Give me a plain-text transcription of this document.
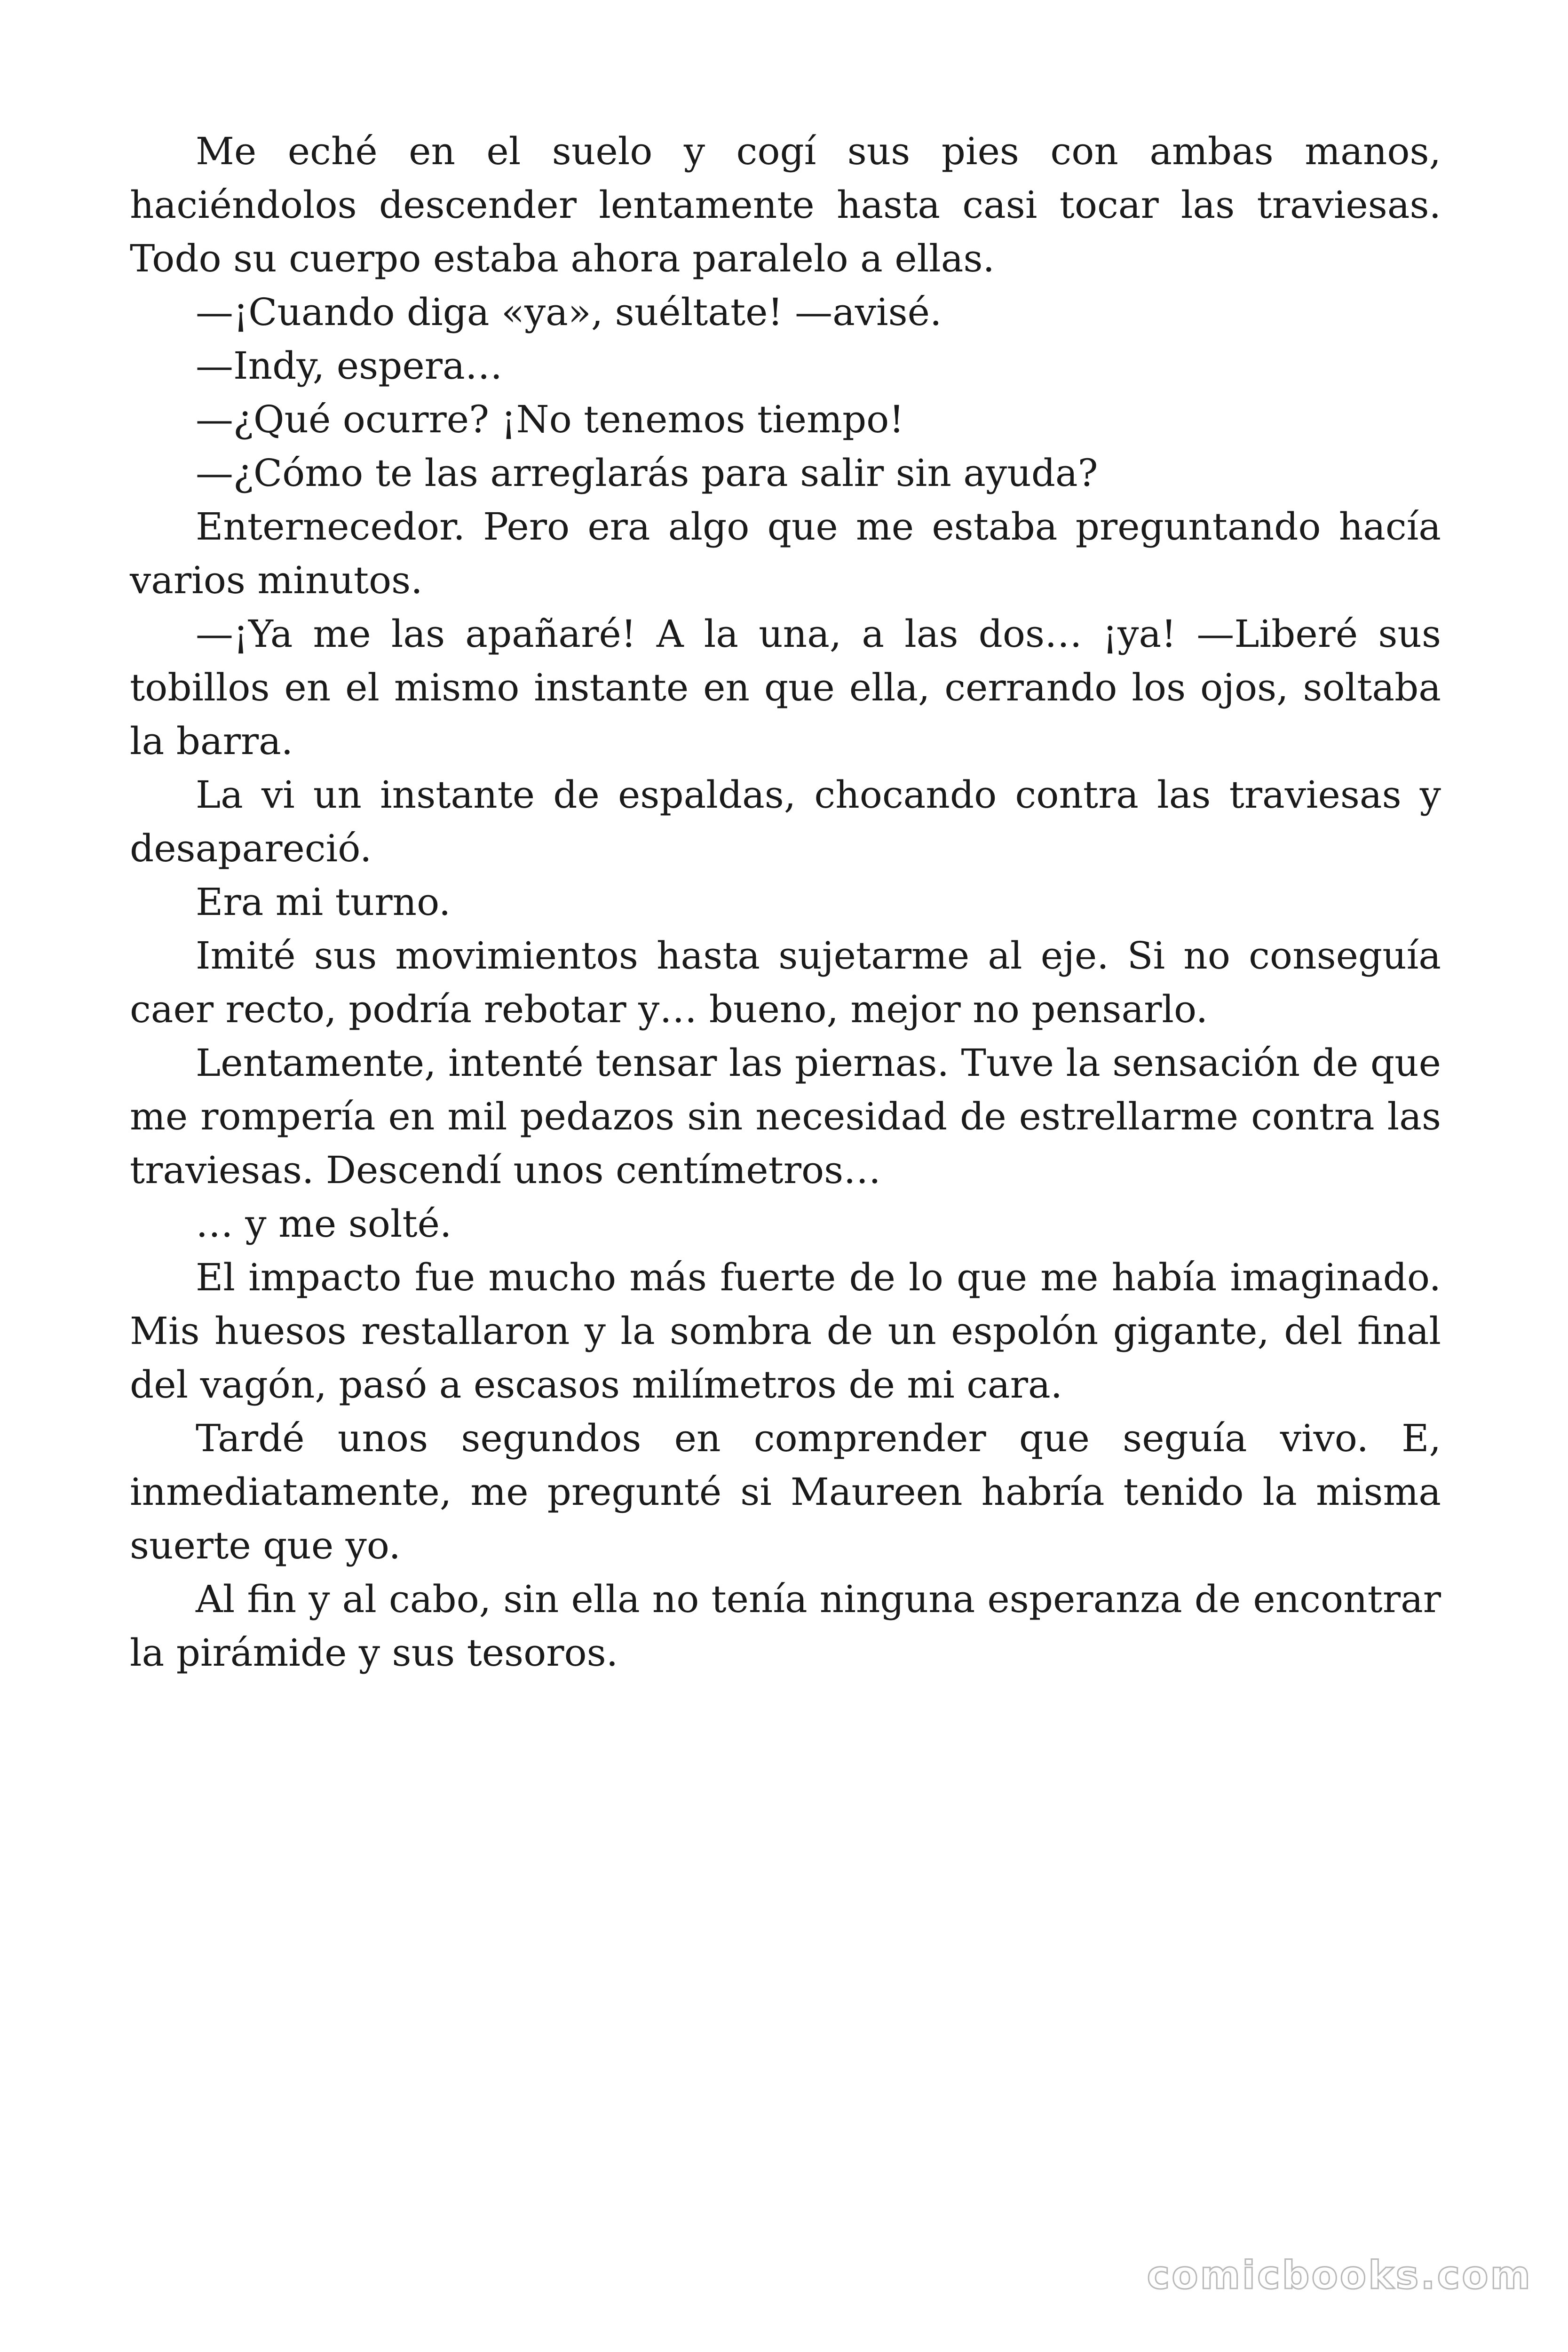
Me eché en el suelo y cogí sus pies con ambas manos, haciéndolos descender lentamente hasta casi tocar las traviesas. Todo su cuerpo estaba ahora paralelo a ellas.

—¡Cuando diga «ya», suéltate! —avisé.

—Indy, espera…

—¿Qué ocurre? ¡No tenemos tiempo!

—¿Cómo te las arreglarás para salir sin ayuda?

Enternecedor. Pero era algo que me estaba preguntando hacía varios minutos.

—¡Ya me las apañaré! A la una, a las dos… ¡ya! —Liberé sus tobillos en el mismo instante en que ella, cerrando los ojos, soltaba la barra.

La vi un instante de espaldas, chocando contra las traviesas y desapareció.

Era mi turno.

Imité sus movimientos hasta sujetarme al eje. Si no conseguía caer recto, podría rebotar y… bueno, mejor no pensarlo.

Lentamente, intenté tensar las piernas. Tuve la sensación de que me rompería en mil pedazos sin necesidad de estrellarme contra las traviesas. Descendí unos centímetros…

… y me solté.

El impacto fue mucho más fuerte de lo que me había imaginado. Mis huesos restallaron y la sombra de un espolón gigante, del final del vagón, pasó a escasos milímetros de mi cara.

Tardé unos segundos en comprender que seguía vivo. E, inmediatamente, me pregunté si Maureen habría tenido la misma suerte que yo.

Al fin y al cabo, sin ella no tenía ninguna esperanza de encontrar la pirámide y sus tesoros.

comicbooks.com
